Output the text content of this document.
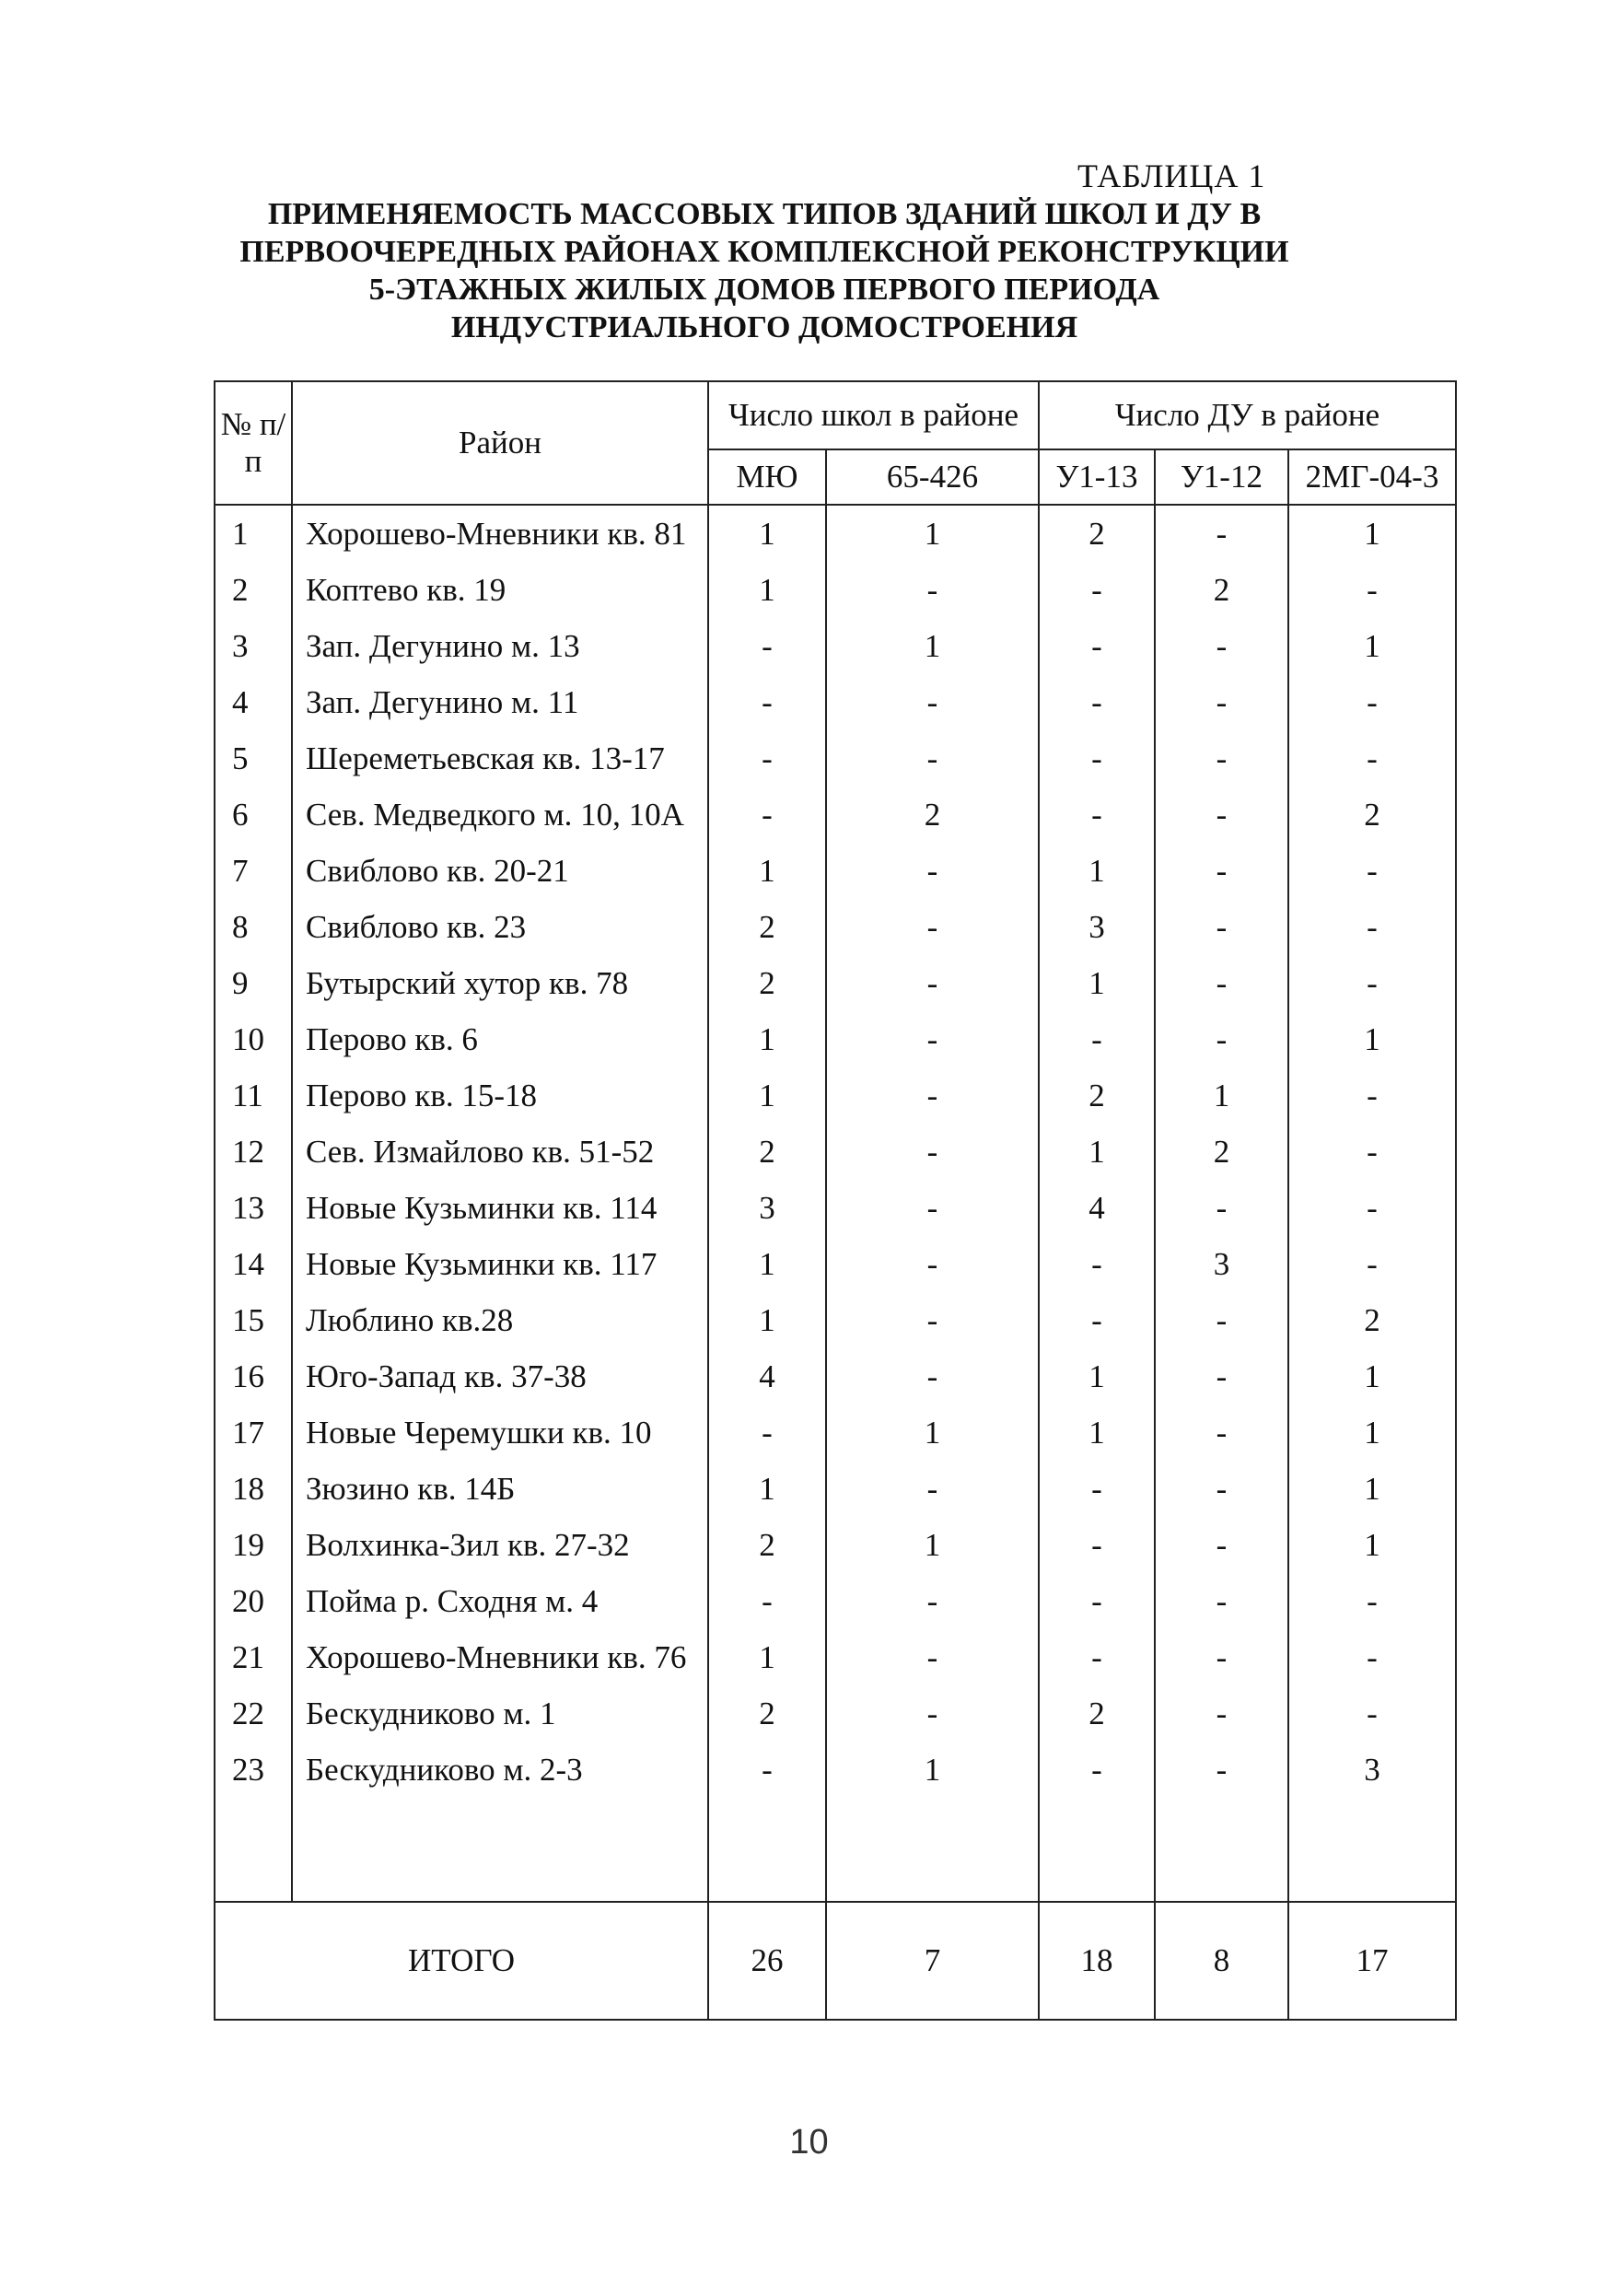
ТАБЛИЦА 1
ПРИМЕНЯЕМОСТЬ МАССОВЫХ ТИПОВ ЗДАНИЙ ШКОЛ И ДУ В
ПЕРВООЧЕРЕДНЫХ РАЙОНАХ КОМПЛЕКСНОЙ РЕКОНСТРУКЦИИ
5-ЭТАЖНЫХ ЖИЛЫХ ДОМОВ ПЕРВОГО ПЕРИОДА
ИНДУСТРИАЛЬНОГО ДОМОСТРОЕНИЯ
№ п/п	Район	Число школ в районе		Число ДУ в районе		
		МЮ	65-426	У1-13	У1-12	2МГ-04-3
1	Хорошево-Мневники кв. 81	1	1	2	-	1
2	Коптево кв. 19	1	-	-	2	-
3	Зап. Дегунино м. 13	-	1	-	-	1
4	Зап. Дегунино м. 11	-	-	-	-	-
5	Шереметьевская кв. 13-17	-	-	-	-	-
6	Сев. Медведкого м. 10, 10А	-	2	-	-	2
7	Свиблово кв. 20-21	1	-	1	-	-
8	Свиблово кв. 23	2	-	3	-	-
9	Бутырский хутор кв. 78	2	-	1	-	-
10	Перово кв. 6	1	-	-	-	1
11	Перово кв. 15-18	1	-	2	1	-
12	Сев. Измайлово кв. 51-52	2	-	1	2	-
13	Новые Кузьминки кв. 114	3	-	4	-	-
14	Новые Кузьминки кв. 117	1	-	-	3	-
15	Люблино кв.28	1	-	-	-	2
16	Юго-Запад кв. 37-38	4	-	1	-	1
17	Новые Черемушки кв. 10	-	1	1	-	1
18	Зюзино кв. 14Б	1	-	-	-	1
19	Волхинка-Зил кв. 27-32	2	1	-	-	1
20	Пойма р. Сходня м. 4	-	-	-	-	-
21	Хорошево-Мневники кв. 76	1	-	-	-	-
22	Бескудниково м. 1	2	-	2	-	-
23	Бескудниково м. 2-3	-	1	-	-	3

ИТОГО		26	7	18	8	17
10
